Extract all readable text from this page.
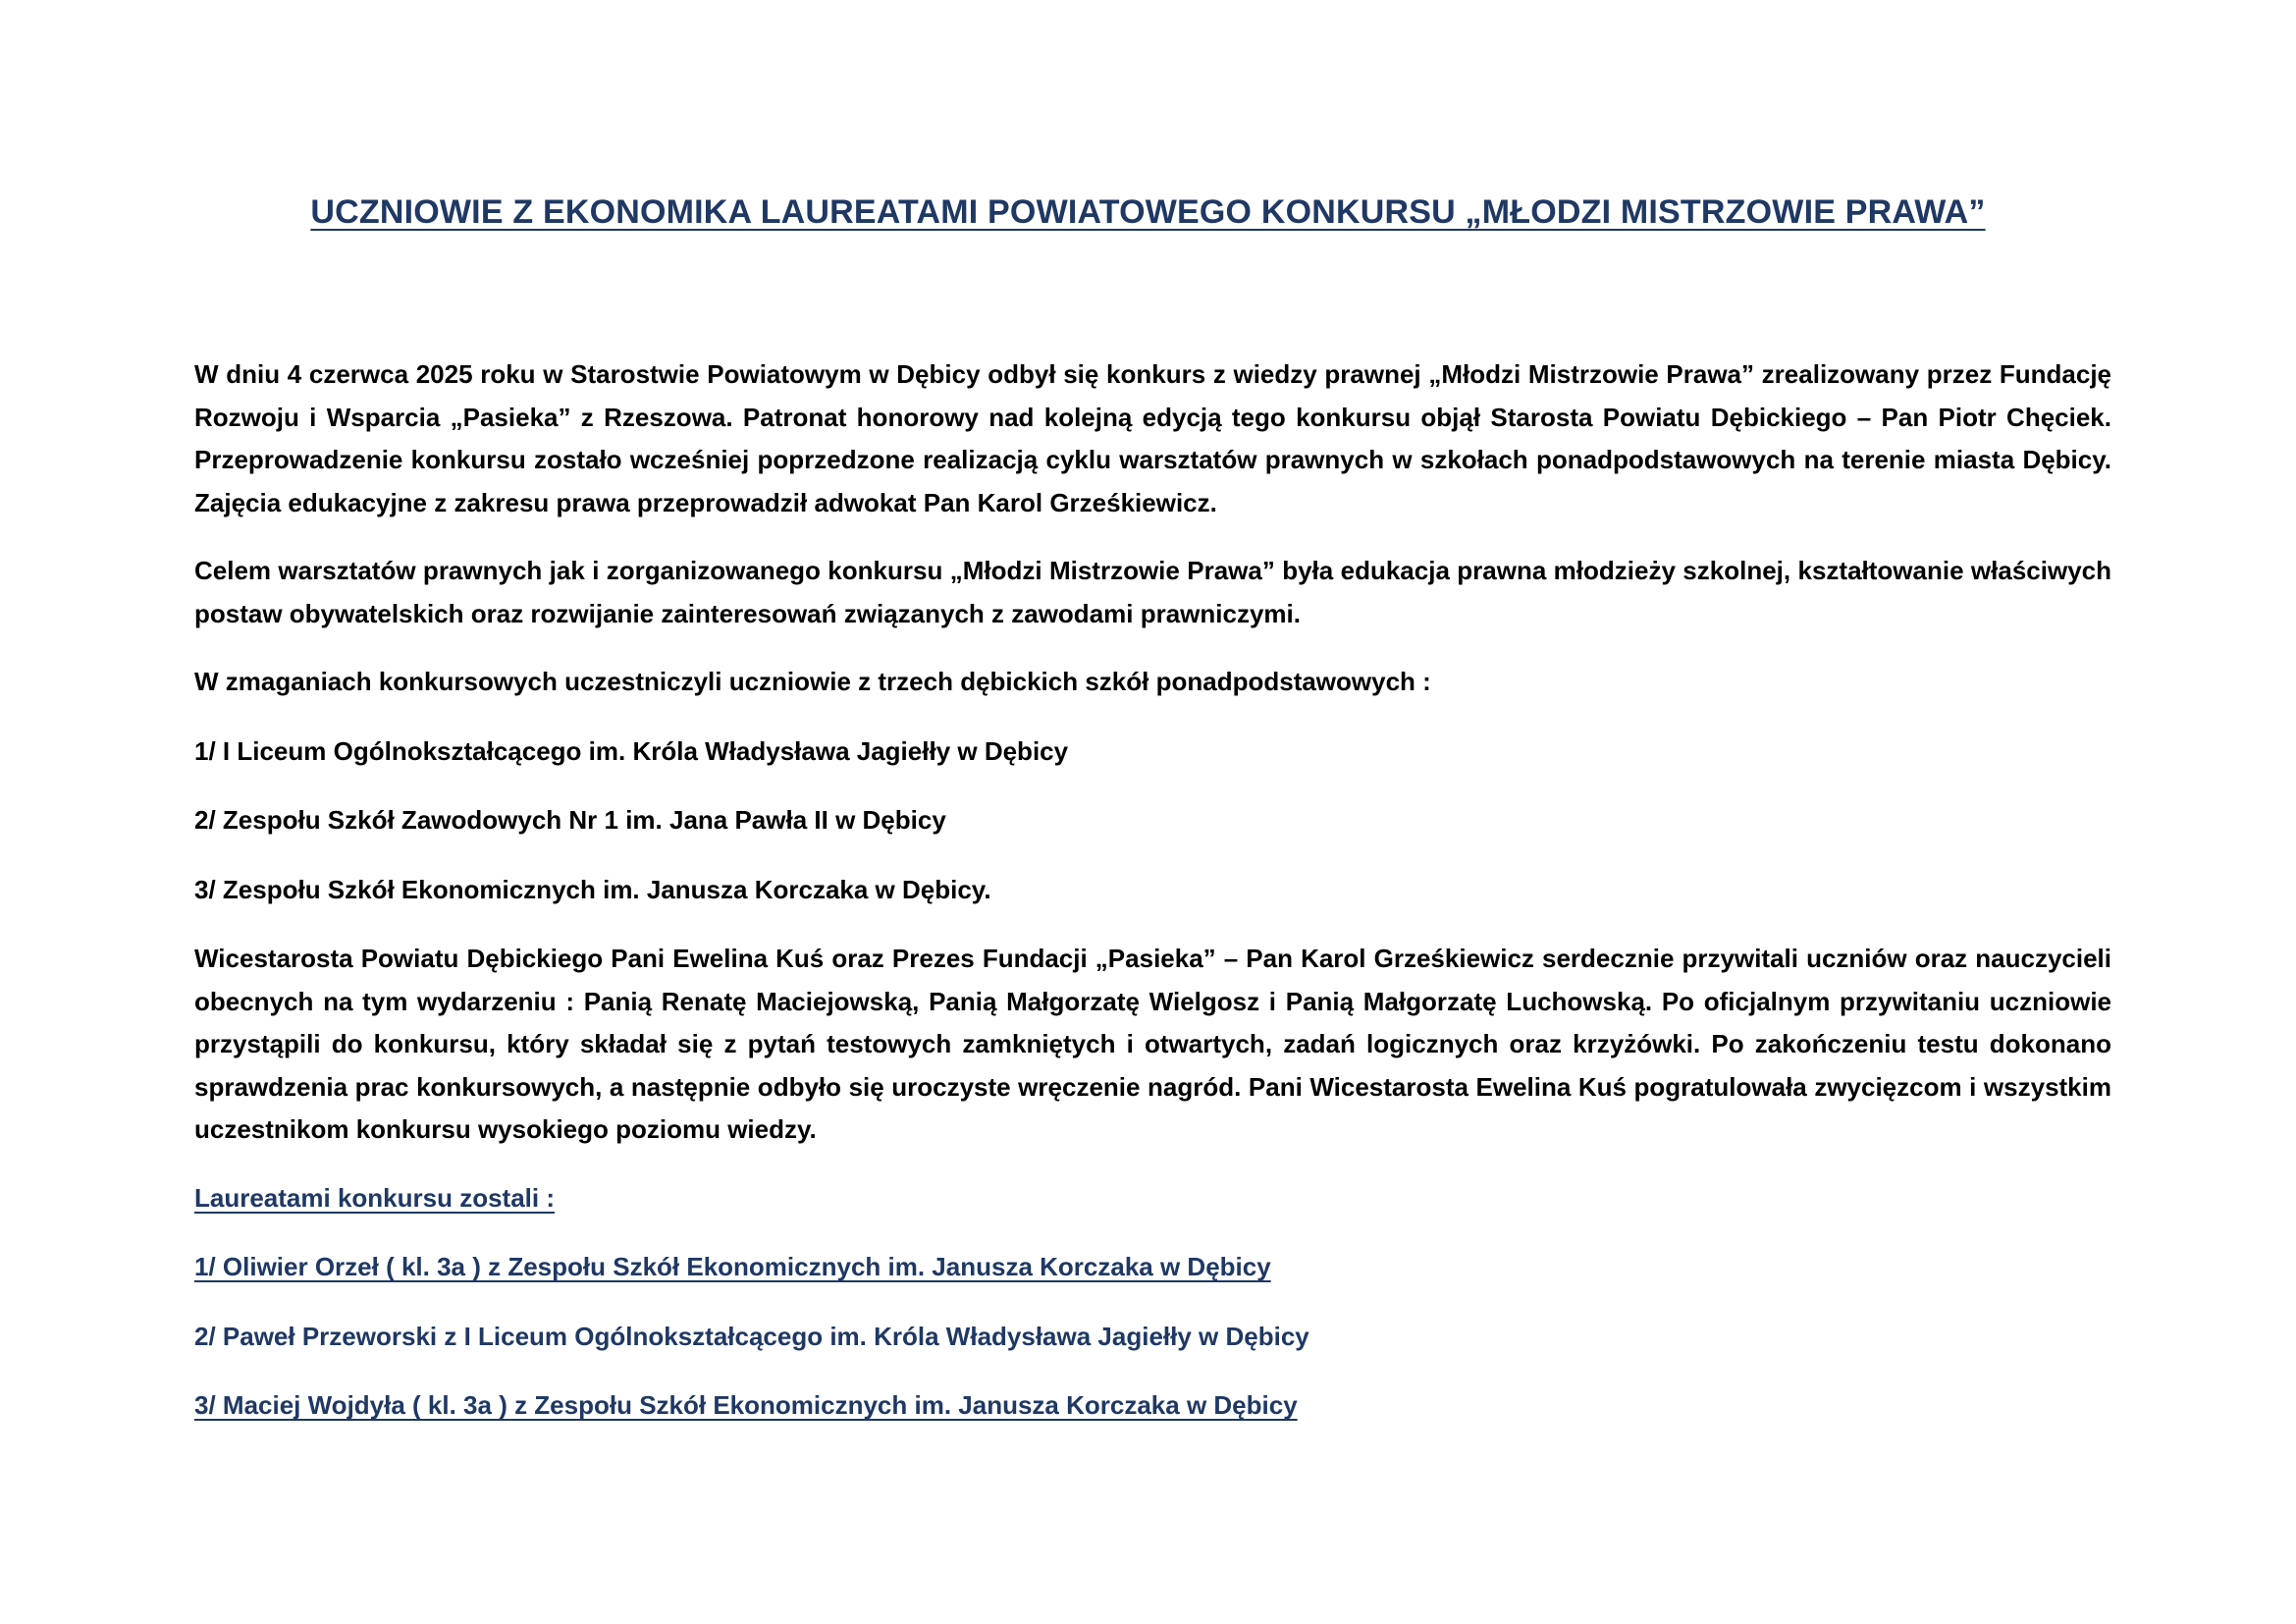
UCZNIOWIE Z EKONOMIKA LAUREATAMI POWIATOWEGO KONKURSU „MŁODZI MISTRZOWIE PRAWA”

W dniu 4 czerwca 2025 roku w Starostwie Powiatowym w Dębicy odbył się konkurs z wiedzy prawnej „Młodzi Mistrzowie Prawa” zrealizowany przez Fundację Rozwoju i Wsparcia „Pasieka” z Rzeszowa. Patronat honorowy nad kolejną edycją tego konkursu objął Starosta Powiatu Dębickiego – Pan Piotr Chęciek. Przeprowadzenie konkursu zostało wcześniej poprzedzone realizacją cyklu warsztatów prawnych w szkołach ponadpodstawowych na terenie miasta Dębicy. Zajęcia edukacyjne z zakresu prawa przeprowadził adwokat Pan Karol Grześkiewicz.

Celem warsztatów prawnych jak i zorganizowanego konkursu „Młodzi Mistrzowie Prawa” była edukacja prawna młodzieży szkolnej, kształtowanie właściwych postaw obywatelskich oraz rozwijanie zainteresowań związanych z zawodami prawniczymi.

W zmaganiach konkursowych uczestniczyli uczniowie z trzech dębickich szkół ponadpodstawowych :

1/ I Liceum Ogólnokształcącego im. Króla Władysława Jagiełły w Dębicy

2/ Zespołu Szkół Zawodowych Nr 1 im. Jana Pawła II w Dębicy

3/ Zespołu Szkół Ekonomicznych im. Janusza Korczaka w Dębicy.

Wicestarosta Powiatu Dębickiego Pani Ewelina Kuś oraz Prezes Fundacji „Pasieka” – Pan Karol Grześkiewicz serdecznie przywitali uczniów oraz nauczycieli obecnych na tym wydarzeniu : Panią Renatę Maciejowską, Panią Małgorzatę Wielgosz i Panią Małgorzatę Luchowską. Po oficjalnym przywitaniu uczniowie przystąpili do konkursu, który składał się z pytań testowych zamkniętych i otwartych, zadań logicznych oraz krzyżówki. Po zakończeniu testu dokonano sprawdzenia prac konkursowych, a następnie odbyło się uroczyste wręczenie nagród. Pani Wicestarosta Ewelina Kuś pogratulowała zwycięzcom i wszystkim uczestnikom konkursu wysokiego poziomu wiedzy.

Laureatami konkursu zostali :

1/ Oliwier Orzeł ( kl. 3a ) z Zespołu Szkół Ekonomicznych im. Janusza Korczaka w Dębicy

2/ Paweł Przeworski z I Liceum Ogólnokształcącego im. Króla Władysława Jagiełły w Dębicy

3/ Maciej Wojdyła ( kl. 3a ) z Zespołu Szkół Ekonomicznych im. Janusza Korczaka w Dębicy
